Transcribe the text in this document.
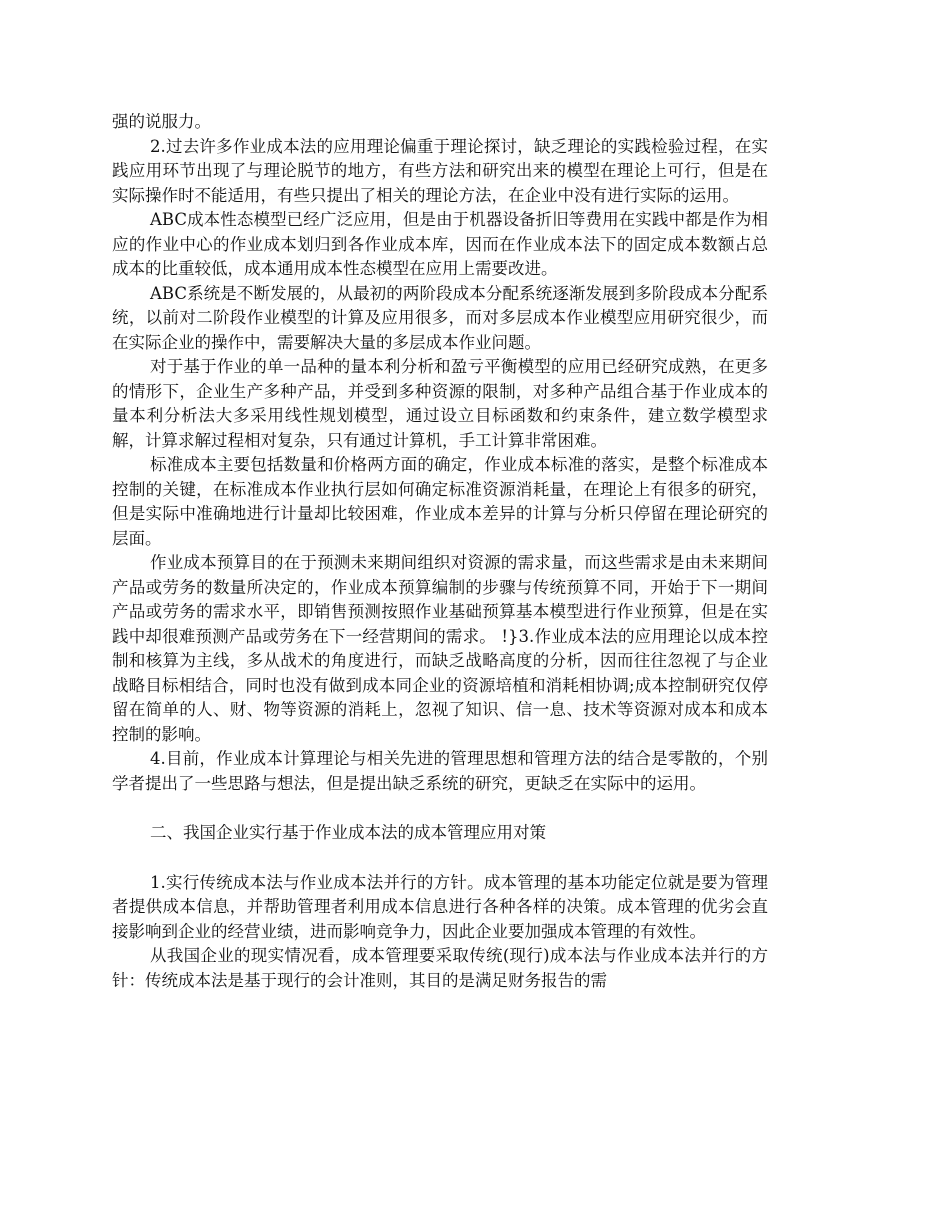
强的说服力。

2.过去许多作业成本法的应用理论偏重于理论探讨，缺乏理论的实践检验过程，在实践应用环节出现了与理论脱节的地方，有些方法和研究出来的模型在理论上可行，但是在实际操作时不能适用，有些只提出了相关的理论方法，在企业中没有进行实际的运用。

ABC成本性态模型已经广泛应用，但是由于机器设备折旧等费用在实践中都是作为相应的作业中心的作业成本划归到各作业成本库，因而在作业成本法下的固定成本数额占总成本的比重较低，成本通用成本性态模型在应用上需要改进。

ABC系统是不断发展的，从最初的两阶段成本分配系统逐渐发展到多阶段成本分配系统，以前对二阶段作业模型的计算及应用很多，而对多层成本作业模型应用研究很少，而在实际企业的操作中，需要解决大量的多层成本作业问题。

对于基于作业的单一品种的量本利分析和盈亏平衡模型的应用已经研究成熟，在更多的情形下，企业生产多种产品，并受到多种资源的限制，对多种产品组合基于作业成本的量本利分析法大多采用线性规划模型，通过设立目标函数和约束条件，建立数学模型求解，计算求解过程相对复杂，只有通过计算机，手工计算非常困难。

标准成本主要包括数量和价格两方面的确定，作业成本标准的落实，是整个标准成本控制的关键，在标准成本作业执行层如何确定标准资源消耗量，在理论上有很多的研究，但是实际中准确地进行计量却比较困难，作业成本差异的计算与分析只停留在理论研究的层面。

作业成本预算目的在于预测未来期间组织对资源的需求量，而这些需求是由未来期间产品或劳务的数量所决定的，作业成本预算编制的步骤与传统预算不同，开始于下一期间产品或劳务的需求水平，即销售预测按照作业基础预算基本模型进行作业预算，但是在实践中却很难预测产品或劳务在下一经营期间的需求。 !}3.作业成本法的应用理论以成本控制和核算为主线，多从战术的角度进行，而缺乏战略高度的分析，因而往往忽视了与企业战略目标相结合，同时也没有做到成本同企业的资源培植和消耗相协调;成本控制研究仅停留在简单的人、财、物等资源的消耗上，忽视了知识、信一息、技术等资源对成本和成本控制的影响。

4.目前，作业成本计算理论与相关先进的管理思想和管理方法的结合是零散的，个别学者提出了一些思路与想法，但是提出缺乏系统的研究，更缺乏在实际中的运用。

二、我国企业实行基于作业成本法的成本管理应用对策

1.实行传统成本法与作业成本法并行的方针。成本管理的基本功能定位就是要为管理者提供成本信息，并帮助管理者利用成本信息进行各种各样的决策。成本管理的优劣会直接影响到企业的经营业绩，进而影响竞争力，因此企业要加强成本管理的有效性。

从我国企业的现实情况看，成本管理要采取传统(现行)成本法与作业成本法并行的方针：传统成本法是基于现行的会计准则，其目的是满足财务报告的需
